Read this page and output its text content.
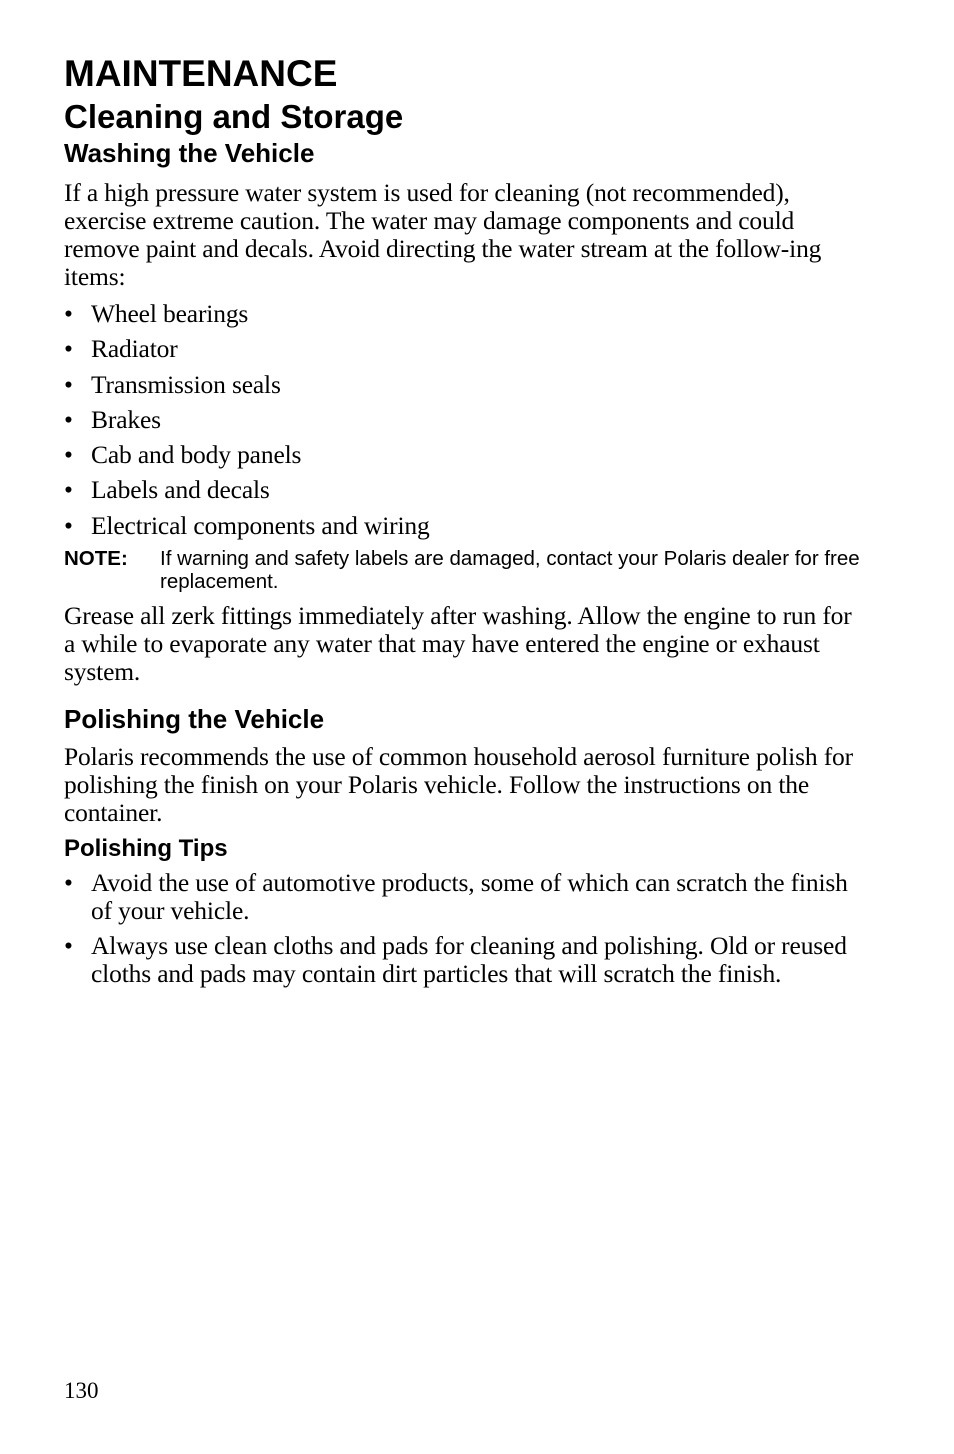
MAINTENANCE
Cleaning and Storage
Washing the Vehicle

If a high pressure water system is used for cleaning (not recommended), exercise extreme caution. The water may damage components and could remove paint and decals. Avoid directing the water stream at the follow-ing items:

• Wheel bearings
• Radiator
• Transmission seals
• Brakes
• Cab and body panels
• Labels and decals
• Electrical components and wiring
NOTE: If warning and safety labels are damaged, contact your Polaris dealer for free replacement.

Grease all zerk fittings immediately after washing. Allow the engine to run for a while to evaporate any water that may have entered the engine or exhaust system.

Polishing the Vehicle

Polaris recommends the use of common household aerosol furniture polish for polishing the finish on your Polaris vehicle. Follow the instructions on the container.

Polishing Tips
• Avoid the use of automotive products, some of which can scratch the finish of your vehicle.
• Always use clean cloths and pads for cleaning and polishing. Old or reused cloths and pads may contain dirt particles that will scratch the finish.
130
